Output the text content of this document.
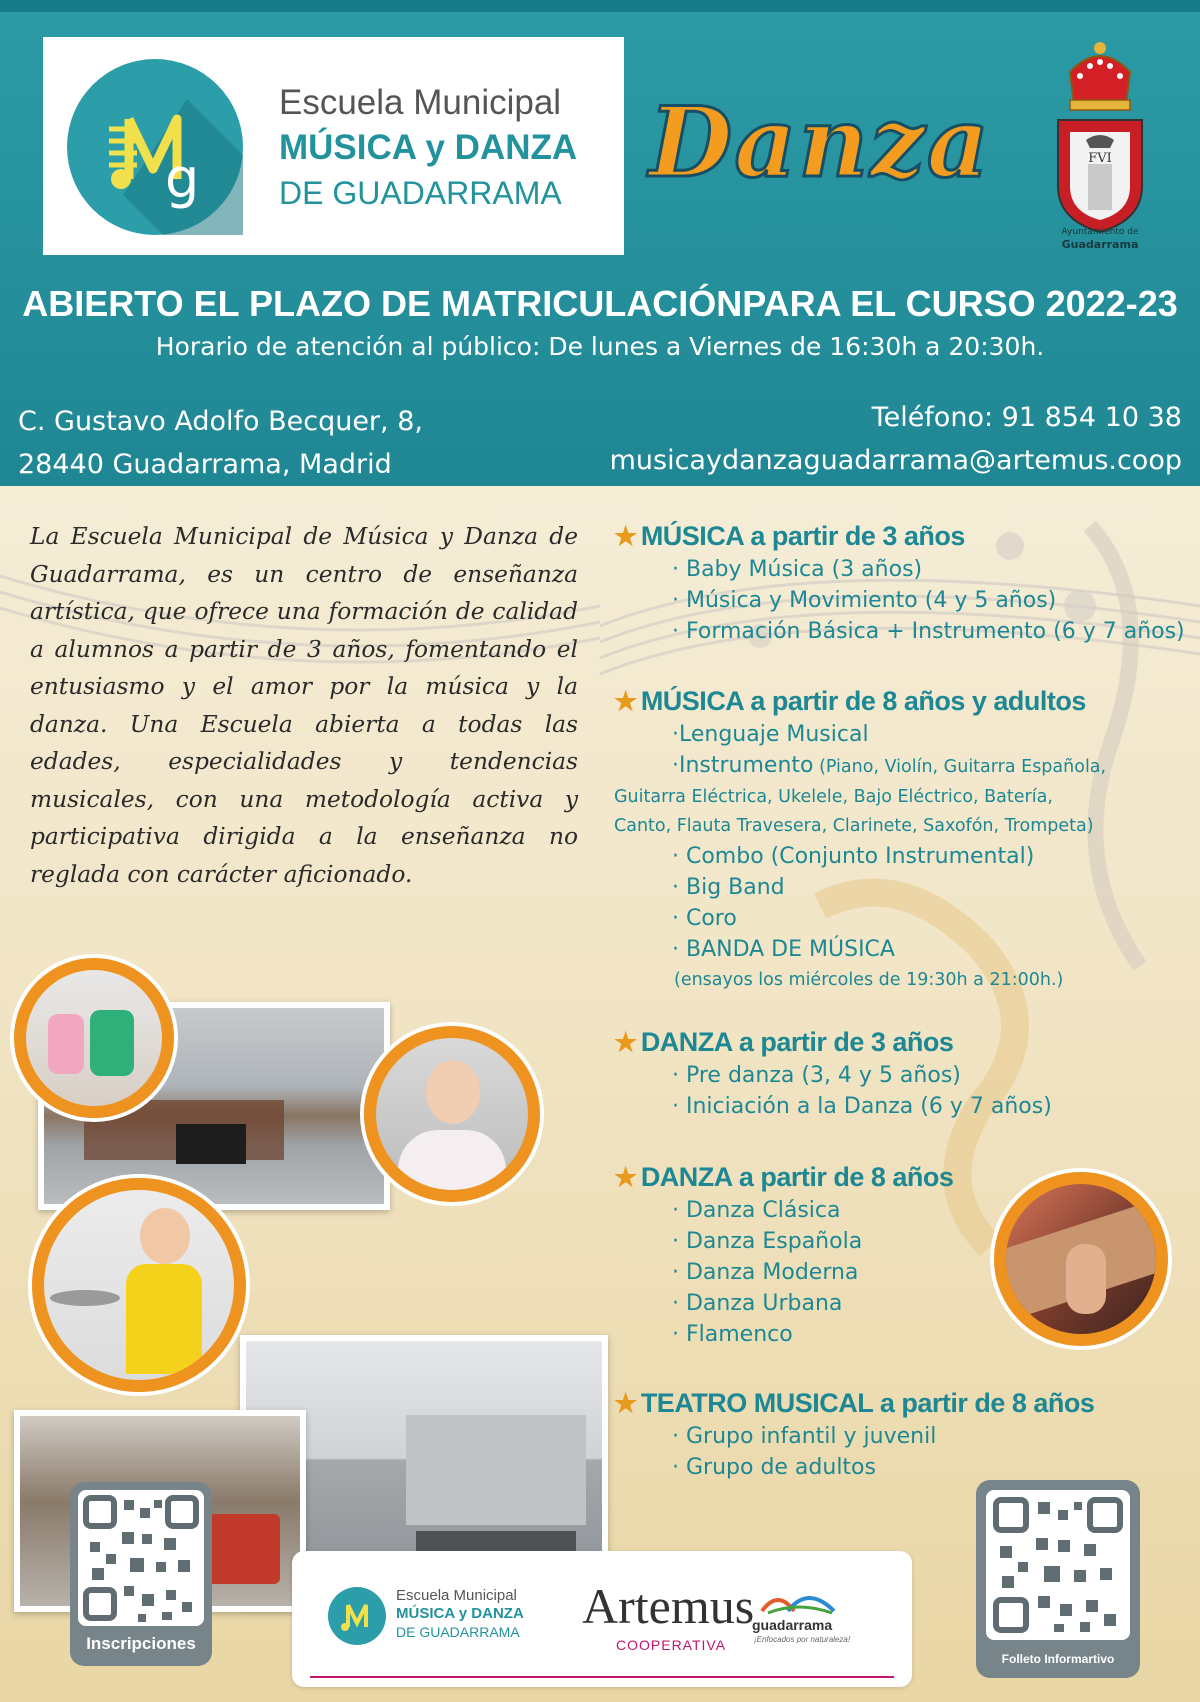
g
Escuela Municipal
MÚSICA y DANZA
DE GUADARRAMA Danza	FVI
Ayuntamiento de
Guadarrama
ABIERTO EL PLAZO DE MATRICULACIÓNPARA EL CURSO 2022-23
Horario de atención al público: De lunes a Viernes de 16:30h a 20:30h.
C. Gustavo Adolfo Becquer, 8,
28440 Guadarrama, Madrid
Teléfono: 91 854 10 38
musicaydanzaguadarrama@artemus.coop
La Escuela Municipal de Música y Danza de Guadarrama, es un centro de enseñanza artística, que ofrece una formación de calidad a alumnos a partir de 3 años, fomentando el entusiasmo y el amor por la música y la danza. Una Escuela abierta a todas las edades, especialidades y tendencias musicales, con una metodología activa y participativa dirigida a la enseñanza no reglada con carácter aficionado.
★ MÚSICA a partir de 3 años
· Baby Música (3 años)
· Música y Movimiento (4 y 5 años)
· Formación Básica + Instrumento (6 y 7 años)
★ MÚSICA a partir de 8 años y adultos
·Lenguaje Musical
·Instrumento (Piano, Violín, Guitarra Española,
Guitarra Eléctrica, Ukelele, Bajo Eléctrico, Batería,
Canto, Flauta Travesera, Clarinete, Saxofón, Trompeta)
· Combo (Conjunto Instrumental)
· Big Band
· Coro
· BANDA DE MÚSICA
(ensayos los miércoles de 19:30h a 21:00h.)
★ DANZA a partir de 3 años
· Pre danza (3, 4 y 5 años)
· Iniciación a la Danza (6 y 7 años)
★ DANZA a partir de 8 años
· Danza Clásica
· Danza Española
· Danza Moderna
· Danza Urbana
· Flamenco
★ TEATRO MUSICAL a partir de 8 años
· Grupo infantil y juvenil
· Grupo de adultos
Inscripciones
Folleto Informartivo
Escuela Municipal
MÚSICA y DANZA
DE GUADARRAMA Artemus
COOPERATIVA
guadarrama
¡Enfocados por naturaleza!
